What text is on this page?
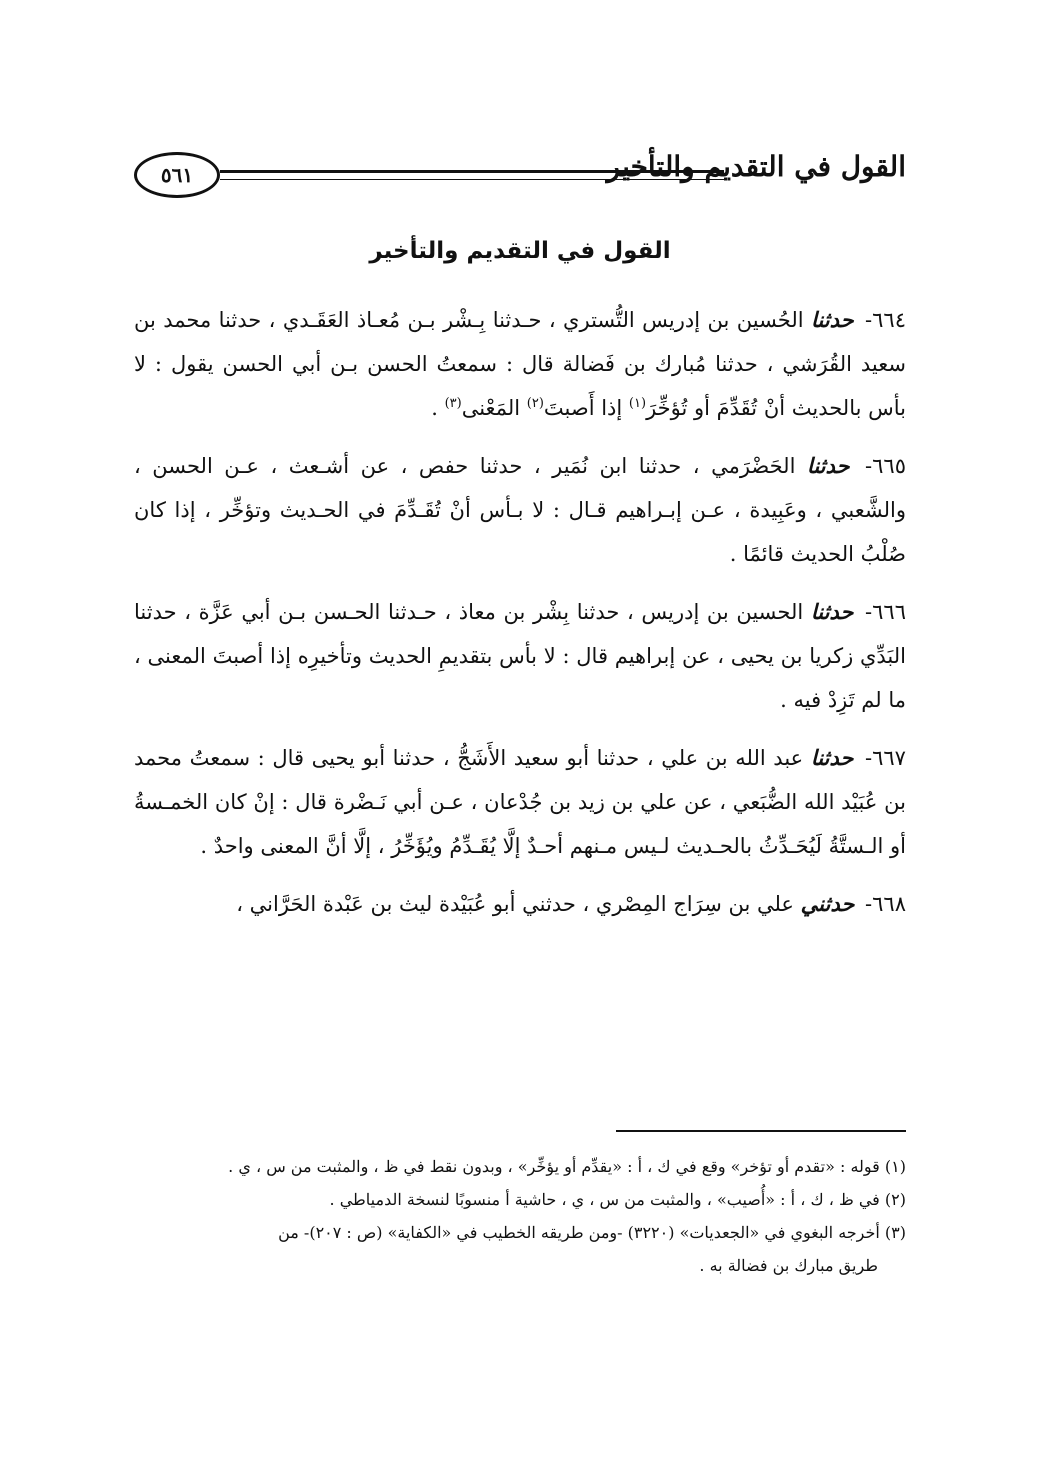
٥٦١	القول في التقديم والتأخير
القول في التقديم والتأخير

٦٦٤- حدثنا الحُسين بن إدريس التُّستري ، حـدثنا بِـشْر بـن مُعـاذ العَقَـدي ، حدثنا محمد بن سعيد القُرَشي ، حدثنا مُبارك بن فَضالة قال : سمعتُ الحسن بـن أبي الحسن يقول : لا بأس بالحديث أنْ تُقَدِّمَ أو تُؤخِّرَ$^{(١)}$ إذا أَصبتَ$^{(٢)}$ المَعْنى$^{(٣)}$ .

٦٦٥- حدثنا الحَضْرَمي ، حدثنا ابن نُمَير ، حدثنا حفص ، عن أشـعث ، عـن الحسن ، والشَّعبي ، وعَبِيدة ، عـن إبـراهيم قـال : لا بـأس أنْ تُقَـدِّمَ في الحـديث وتؤخِّر ، إذا كان صُلْبُ الحديث قائمًا .

٦٦٦- حدثنا الحسين بن إدريس ، حدثنا بِشْر بن معاذ ، حـدثنا الحـسن بـن أبي عَزَّة ، حدثنا البَدِّي زكريا بن يحيى ، عن إبراهيم قال : لا بأس بتقديمِ الحديث وتأخيرِه إذا أصبتَ المعنى ، ما لم تَزِدْ فيه .

٦٦٧- حدثنا عبد الله بن علي ، حدثنا أبو سعيد الأَشَجُّ ، حدثنا أبو يحيى قال : سمعتُ محمد بن عُبَيْد الله الضُّبَعي ، عن علي بن زيد بن جُدْعان ، عـن أبي نَـضْرة قال : إنْ كان الخمـسةُ أو الـستَّةُ لَيُحَـدِّثُ بالحـديث لـيس مـنهم أحـدٌ إلَّا يُقَـدِّمُ ويُؤَخِّرُ ، إلَّا أنَّ المعنى واحدٌ .

٦٦٨- حدثني علي بن سِرَاج المِصْري ، حدثني أبو عُبَيْدة ليث بن عَبْدة الحَرَّاني ،

(١) قوله : «تقدم أو تؤخر» وقع في ك ، أ : «يقدِّم أو يؤخِّر» ، وبدون نقط في ظ ، والمثبت من س ، ي .

(٢) في ظ ، ك ، أ : «أُصيب» ، والمثبت من س ، ي ، حاشية أ منسوبًا لنسخة الدمياطي .

(٣) أخرجه البغوي في «الجعديات» (٣٢٢٠) -ومن طريقه الخطيب في «الكفاية» (ص : ٢٠٧)- من

طريق مبارك بن فضالة به .
